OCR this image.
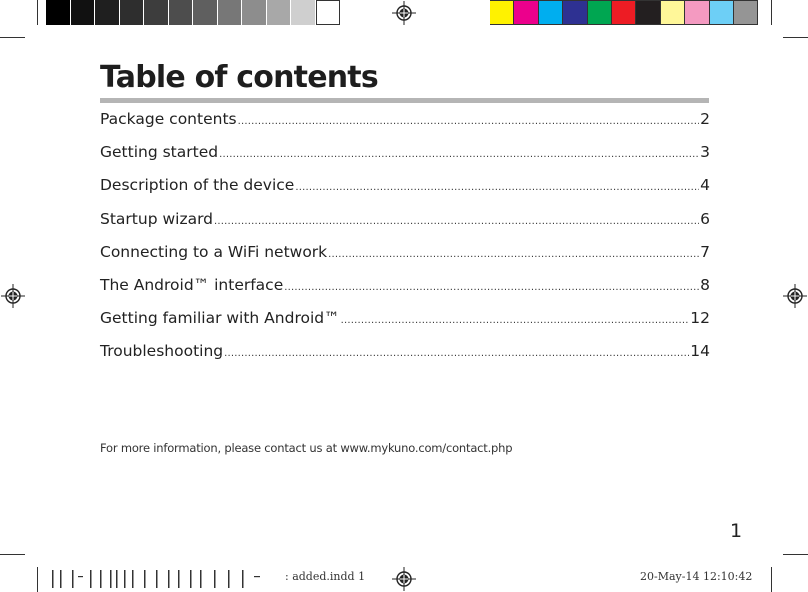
Table of contents
Package contents .....	2
Getting started .....	3
Description of the device .....	4
Startup wizard .....	6
Connecting to a WiFi network .....	7
The Android™ interface .....	8
Getting familiar with Android™ .....	12
Troubleshooting .....	14
For more information, please contact us at www.mykuno.com/contact.php
1
: added.indd 1	20-May-14 12:10:42
